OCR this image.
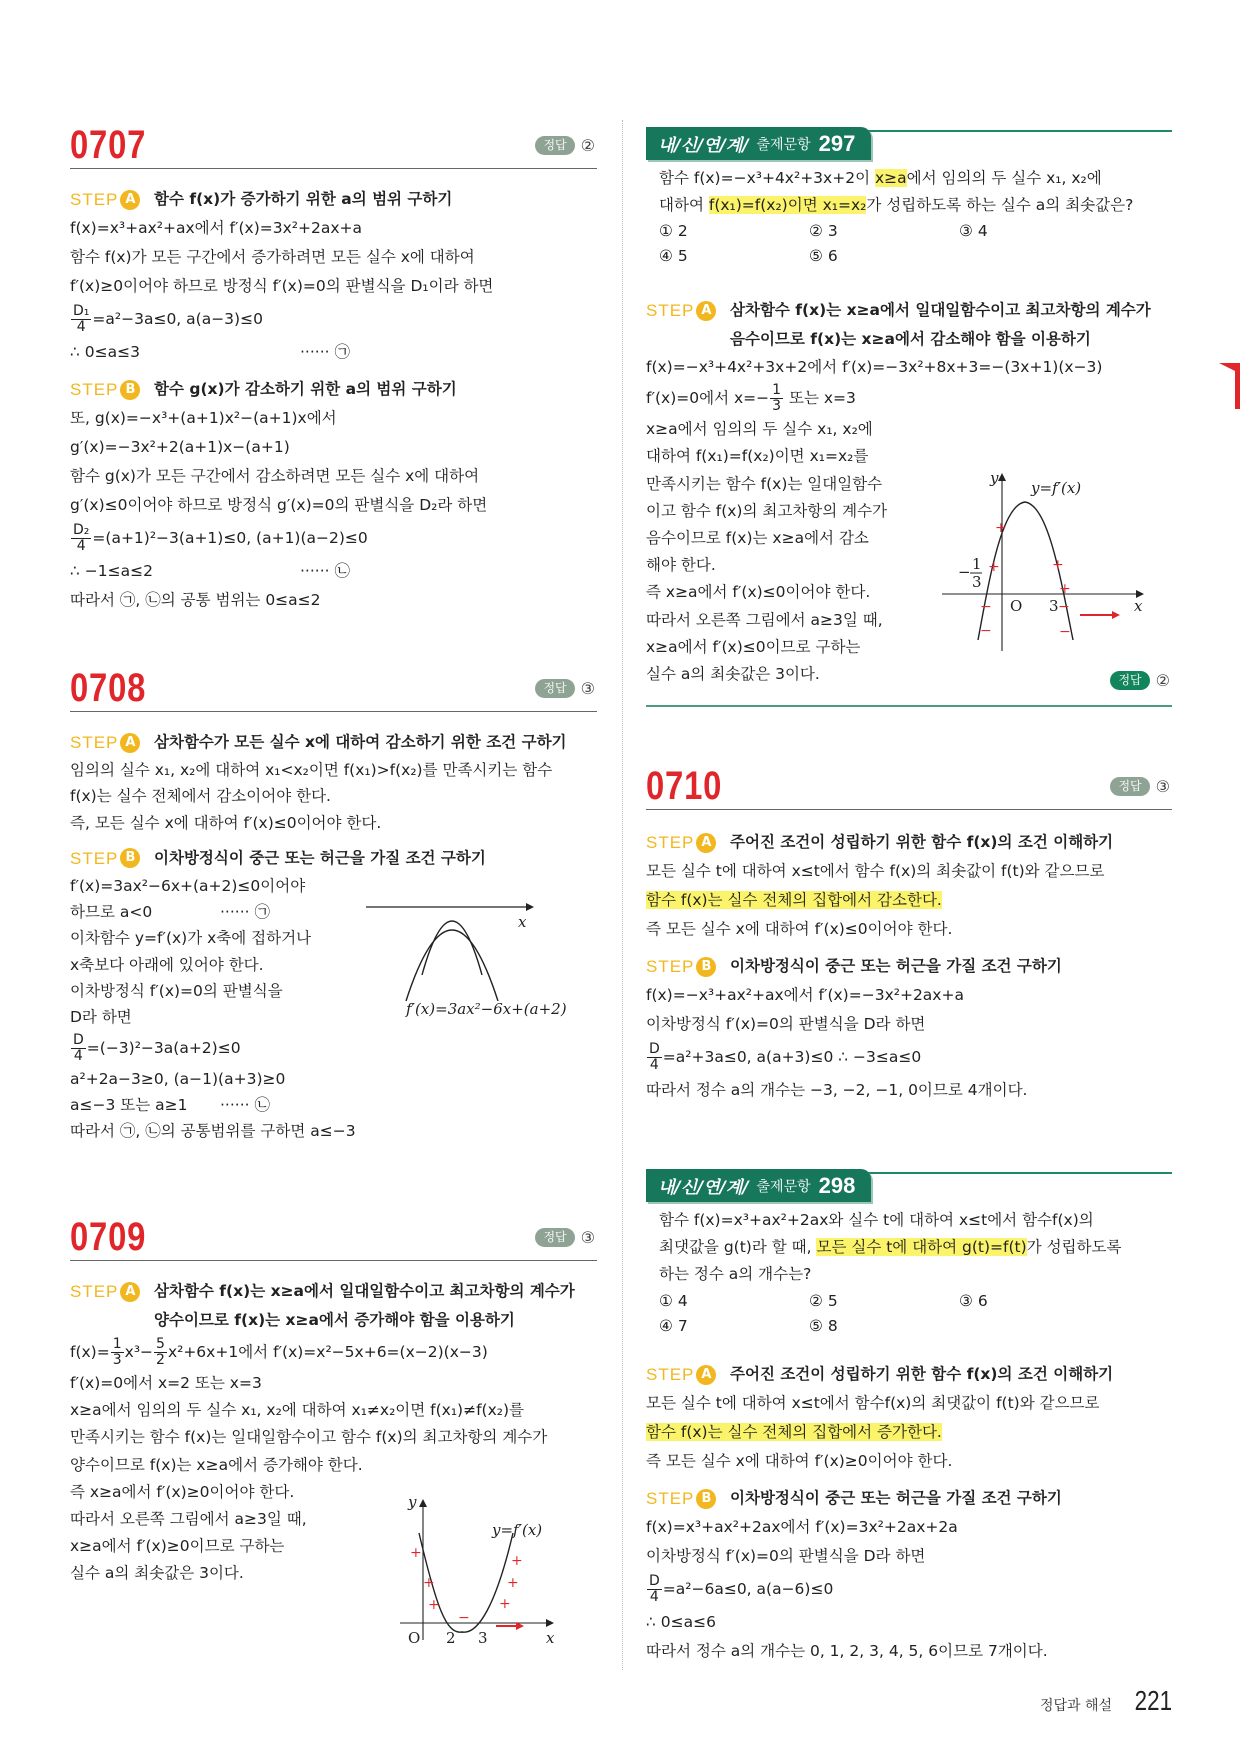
0707	정답 ②
STEP A	함수 f(x)가 증가하기 위한 a의 범위 구하기
f(x)=x³+ax²+ax에서 f′(x)=3x²+2ax+a
함수 f(x)가 모든 구간에서 증가하려면 모든 실수 x에 대하여
f′(x)≥0이어야 하므로 방정식 f′(x)=0의 판별식을 D₁이라 하면
$\frac{\text{D₁}}{4} =a^2-3a\le 0$, a(a−3)≤0
∴ 0≤a≤3	······ ㉠
STEP B	함수 g(x)가 감소하기 위한 a의 범위 구하기
또, g(x)=−x³+(a+1)x²−(a+1)x에서
g′(x)=−3x²+2(a+1)x−(a+1)
함수 g(x)가 모든 구간에서 감소하려면 모든 실수 x에 대하여
g′(x)≤0이어야 하므로 방정식 g′(x)=0의 판별식을 D₂라 하면
$\frac{\text{D₂}}{4} =(a+1)^2-3(a+1)\le 0$, (a+1)(a−2)≤0
∴ −1≤a≤2	······ ㉡
따라서 ㉠, ㉡의 공통 범위는 0≤a≤2
0708	정답 ③
STEP A	삼차함수가 모든 실수 x에 대하여 감소하기 위한 조건 구하기
임의의 실수 x₁, x₂에 대하여 x₁<x₂이면 f(x₁)>f(x₂)를 만족시키는 함수
f(x)는 실수 전체에서 감소이어야 한다.
즉, 모든 실수 x에 대하여 f′(x)≤0이어야 한다.
STEP B	이차방정식이 중근 또는 허근을 가질 조건 구하기
f′(x)=3ax²−6x+(a+2)≤0이어야
하므로 a<0	······ ㉠
이차함수 y=f′(x)가 x축에 접하거나
x축보다 아래에 있어야 한다.
이차방정식 f′(x)=0의 판별식을
D라 하면
$\frac{D}{4} =(-3)^2-3a(a+2)\le 0$
a²+2a−3≥0, (a−1)(a+3)≥0
a≤−3 또는 a≥1 ······ ㉡
따라서 ㉠, ㉡의 공통범위를 구하면 a≤−3
x
f′(x)=3ax²−6x+(a+2)
0709	정답 ③
STEP A	삼차함수 f(x)는 x≥a에서 일대일함수이고 최고차항의 계수가
양수이므로 f(x)는 x≥a에서 증가해야 함을 이용하기
$f(x)= \frac{1}{3} x^3- \frac{5}{2} x^2+6x+1$에서 f′(x)=x²−5x+6=(x−2)(x−3)
f′(x)=0에서 x=2 또는 x=3
x≥a에서 임의의 두 실수 x₁, x₂에 대하여 x₁≠x₂이면 f(x₁)≠f(x₂)를
만족시키는 함수 f(x)는 일대일함수이고 함수 f(x)의 최고차항의 계수가
양수이므로 f(x)는 x≥a에서 증가해야 한다.
즉 x≥a에서 f′(x)≥0이어야 한다.
따라서 오른쪽 그림에서 a≥3일 때,
x≥a에서 f′(x)≥0이므로 구하는
실수 a의 최솟값은 3이다.
y
x
O 2 3
y=f′(x)
+
+
+
−
+
+
+
내/신/연/계/ 출제문항 297
함수 f(x)=−x³+4x²+3x+2이 x≥a에서 임의의 두 실수 x₁, x₂에
대하여 f(x₁)=f(x₂)이면 x₁=x₂가 성립하도록 하는 실수 a의 최솟값은?
① 2	② 3	③ 4
④ 5	⑤ 6
STEP A	삼차함수 f(x)는 x≥a에서 일대일함수이고 최고차항의 계수가
음수이므로 f(x)는 x≥a에서 감소해야 함을 이용하기
f(x)=−x³+4x²+3x+2에서 f′(x)=−3x²+8x+3=−(3x+1)(x−3)
f′(x)=0에서 $x=- \frac{1}{3}$ 또는 x=3
x≥a에서 임의의 두 실수 x₁, x₂에
대하여 f(x₁)=f(x₂)이면 x₁=x₂를
만족시키는 함수 f(x)는 일대일함수
이고 함수 f(x)의 최고차항의 계수가
음수이므로 f(x)는 x≥a에서 감소
해야 한다.
즉 x≥a에서 f′(x)≤0이어야 한다.
따라서 오른쪽 그림에서 a≥3일 때,
x≥a에서 f′(x)≤0이므로 구하는
실수 a의 최솟값은 3이다.	정답 ②
y
x
O 3
− 1
3
y=f′(x)
+
+	+
+
−
−
−
−
0710	정답 ③
STEP A	주어진 조건이 성립하기 위한 함수 f(x)의 조건 이해하기
모든 실수 t에 대하여 x≤t에서 함수 f(x)의 최솟값이 f(t)와 같으므로
함수 f(x)는 실수 전체의 집합에서 감소한다.
즉 모든 실수 x에 대하여 f′(x)≤0이어야 한다.
STEP B	이차방정식이 중근 또는 허근을 가질 조건 구하기
f(x)=−x³+ax²+ax에서 f′(x)=−3x²+2ax+a
이차방정식 f′(x)=0의 판별식을 D라 하면
$\frac{D}{4} =a^2+3a\le 0$, a(a+3)≤0 ∴ −3≤a≤0
따라서 정수 a의 개수는 −3, −2, −1, 0이므로 4개이다.
내/신/연/계/ 출제문항 298
함수 f(x)=x³+ax²+2ax와 실수 t에 대하여 x≤t에서 함수f(x)의
최댓값을 g(t)라 할 때, 모든 실수 t에 대하여 g(t)=f(t)가 성립하도록
하는 정수 a의 개수는?
① 4	② 5	③ 6
④ 7	⑤ 8
STEP A	주어진 조건이 성립하기 위한 함수 f(x)의 조건 이해하기
모든 실수 t에 대하여 x≤t에서 함수f(x)의 최댓값이 f(t)와 같으므로
함수 f(x)는 실수 전체의 집합에서 증가한다.
즉 모든 실수 x에 대하여 f′(x)≥0이어야 한다.
STEP B	이차방정식이 중근 또는 허근을 가질 조건 구하기
f(x)=x³+ax²+2ax에서 f′(x)=3x²+2ax+2a
이차방정식 f′(x)=0의 판별식을 D라 하면
$\frac{D}{4} =a^2-6a\le 0$, a(a−6)≤0
∴ 0≤a≤6
따라서 정수 a의 개수는 0, 1, 2, 3, 4, 5, 6이므로 7개이다.
정답과 해설 221
